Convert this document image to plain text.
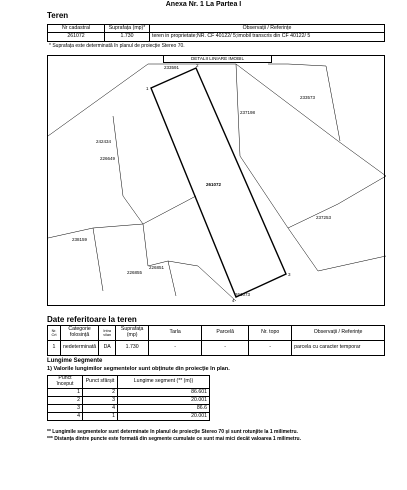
Anexa Nr. 1 La Partea I
Teren
Nr cadastral	Suprafața (mp)*	Observații / Referințe
261072	1.730	teren in proprietate;NR. CF 40122/ 5;imobil transcris din CF 40122/ 5
* Suprafața este determinată în planul de proiecție Stereo 70.
DETALII LINIARE IMOBIL
1
2
3
4
233591
237198
233573
242434
226649
261072
237253
238159
226851
226855
261073
Date referitoare la teren
Nr. Crt	Categorie folosință	Intra vilan	Suprafața (mp)	Tarla	Parcelă	Nr. topo	Observații / Referințe
1	nedeterminată	DA	1.730	-	-	-	parcela cu caracter temporar
Lungime Segmente
1) Valorile lungimilor segmentelor sunt obținute din proiecție în plan.
Punct început	Punct sfârșit	Lungime segment (** (m))
1	2	86.601
2	3	20.001
3	4	86.6
4	1	20.001
** Lungimile segmentelor sunt determinate în planul de proiecție Stereo 70 și sunt rotunjite la 1 milimetru.
*** Distanța dintre puncte este formată din segmente cumulate ce sunt mai mici decât valoarea 1 milimetru.
